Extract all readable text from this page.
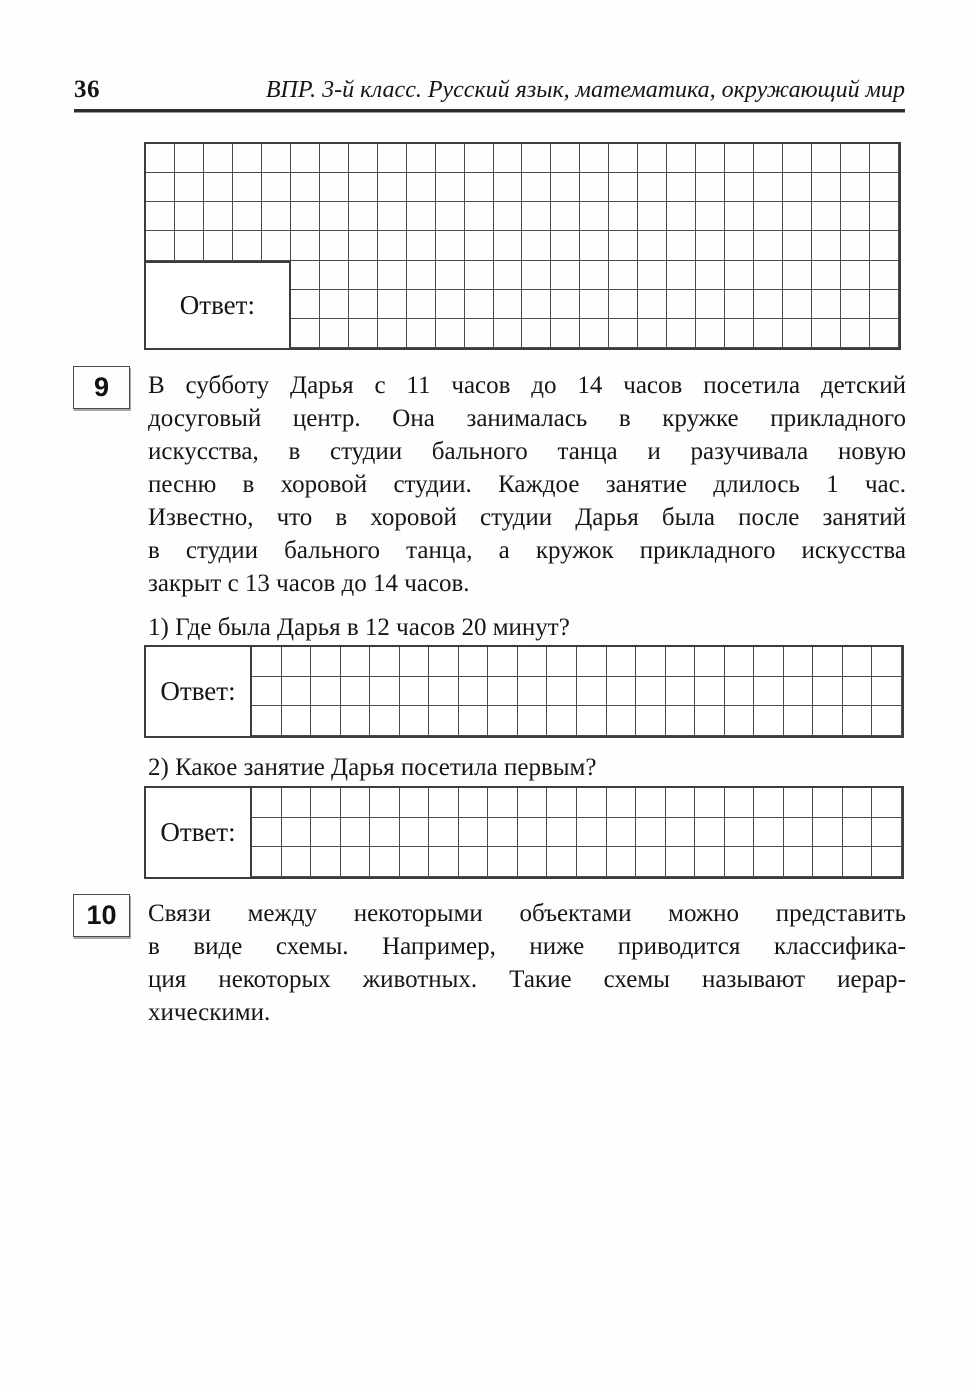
36	ВПР. 3-й класс. Русский язык, математика, окружающий мир
Ответ:
9 В субботу Дарья с 11 часов до 14 часов посетила детский
досуговый центр. Она занималась в кружке прикладного
искусства, в студии бального танца и разучивала новую
песню в хоровой студии. Каждое занятие длилось 1 час.
Известно, что в хоровой студии Дарья была после занятий
в студии бального танца, а кружок прикладного искусства
закрыт с 13 часов до 14 часов.
1) Где была Дарья в 12 часов 20 минут?
Ответ:
2) Какое занятие Дарья посетила первым?
Ответ:
10 Связи между некоторыми объектами можно представить
в виде схемы. Например, ниже приводится классифика-
ция некоторых животных. Такие схемы называют иерар-
хическими.
